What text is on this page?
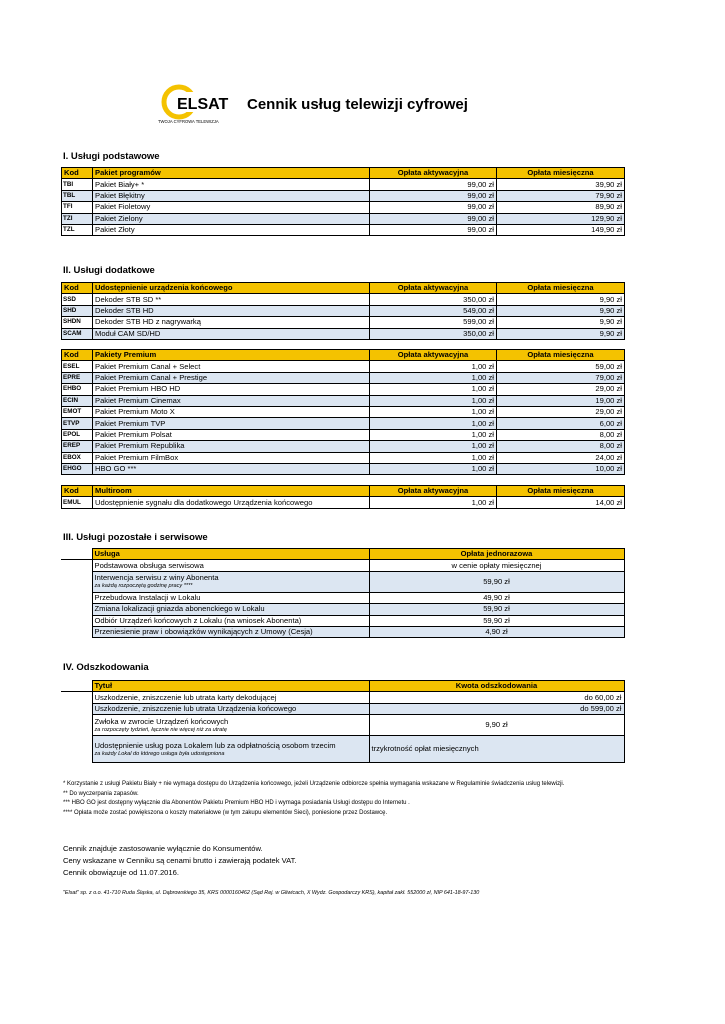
ELSAT
TWOJA CYFROWA TELEWIZJA
Cennik usług telewizji cyfrowej
I. Usługi podstawowe
Kod	Pakiet programów	Opłata aktywacyjna	Opłata miesięczna
TBI	Pakiet Biały+ *	99,00 zł	39,90 zł
TBL	Pakiet Błękitny	99,00 zł	79,90 zł
TFI	Pakiet Fioletowy	99,00 zł	89,90 zł
TZI	Pakiet Zielony	99,00 zł	129,90 zł
TZL	Pakiet Złoty	99,00 zł	149,90 zł
II. Usługi dodatkowe
Kod	Udostępnienie urządzenia końcowego	Opłata aktywacyjna	Opłata miesięczna
SSD	Dekoder STB SD **	350,00 zł	9,90 zł
SHD	Dekoder STB HD	549,00 zł	9,90 zł
SHDN	Dekoder STB HD z nagrywarką	599,00 zł	9,90 zł
SCAM	Moduł CAM SD/HD	350,00 zł	9,90 zł
Kod	Pakiety Premium	Opłata aktywacyjna	Opłata miesięczna
ESEL	Pakiet Premium Canal + Select	1,00 zł	59,00 zł
EPRE	Pakiet Premium Canal + Prestige	1,00 zł	79,00 zł
EHBO	Pakiet Premium HBO HD	1,00 zł	29,00 zł
ECIN	Pakiet Premium Cinemax	1,00 zł	19,00 zł
EMOT	Pakiet Premium Moto X	1,00 zł	29,00 zł
ETVP	Pakiet Premium TVP	1,00 zł	6,00 zł
EPOL	Pakiet Premium Polsat	1,00 zł	8,00 zł
EREP	Pakiet Premium Republika	1,00 zł	8,00 zł
EBOX	Pakiet Premium FilmBox	1,00 zł	24,00 zł
EHGO	HBO GO ***	1,00 zł	10,00 zł
Kod	Multiroom	Opłata aktywacyjna	Opłata miesięczna
EMUL	Udostępnienie sygnału dla dodatkowego Urządzenia końcowego	1,00 zł	14,00 zł
III. Usługi pozostałe i serwisowe
	Usługa	Opłata jednorazowa
	Podstawowa obsługa serwisowa	w cenie opłaty miesięcznej
	Interwencja serwisu z winy Abonenta
za każdą rozpoczętą godzinę pracy ****	59,90 zł
	Przebudowa Instalacji w Lokalu	49,90 zł
	Zmiana lokalizacji gniazda abonenckiego w Lokalu	59,90 zł
	Odbiór Urządzeń końcowych z Lokalu (na wniosek Abonenta)	59,90 zł
	Przeniesienie praw i obowiązków wynikających z Umowy (Cesja)	4,90 zł
IV. Odszkodowania
	Tytuł	Kwota odszkodowania
	Uszkodzenie, zniszczenie lub utrata karty dekodującej	do 60,00 zł
	Uszkodzenie, zniszczenie lub utrata Urządzenia końcowego	do 599,00 zł
	Zwłoka w zwrocie Urządzeń końcowych
za rozpoczęty tydzień, łącznie nie więcej niż za utratę	9,90 zł
	Udostępnienie usług poza Lokalem lub za odpłatnością osobom trzecim
za każdy Lokal do którego usługa była udostępniona	trzykrotność opłat miesięcznych
* Korzystanie z usługi Pakietu Biały + nie wymaga dostępu do Urządzenia końcowego, jeżeli Urządzenie odbiorcze spełnia wymagania wskazane w Regulaminie świadczenia usług telewizji.
** Do wyczerpania zapasów.
*** HBO GO jest dostępny wyłącznie dla Abonentów Pakietu Premium HBO HD i wymaga posiadania Usługi dostępu do Internetu .
**** Opłata może zostać powiększona o koszty materiałowe (w tym zakupu elementów Sieci), poniesione przez Dostawcę.
Cennik znajduje zastosowanie wyłącznie do Konsumentów.
Ceny wskazane w Cenniku są cenami brutto i zawierają podatek VAT.
Cennik obowiązuje od 11.07.2016.
"Elsat" sp. z o.o. 41-710 Ruda Śląska, ul. Dąbrowskiego 35, KRS 0000160462 (Sąd Rej. w Gliwicach, X Wydz. Gospodarczy KRS), kapitał zakł. 552000 zł, NIP 641-18-97-130
